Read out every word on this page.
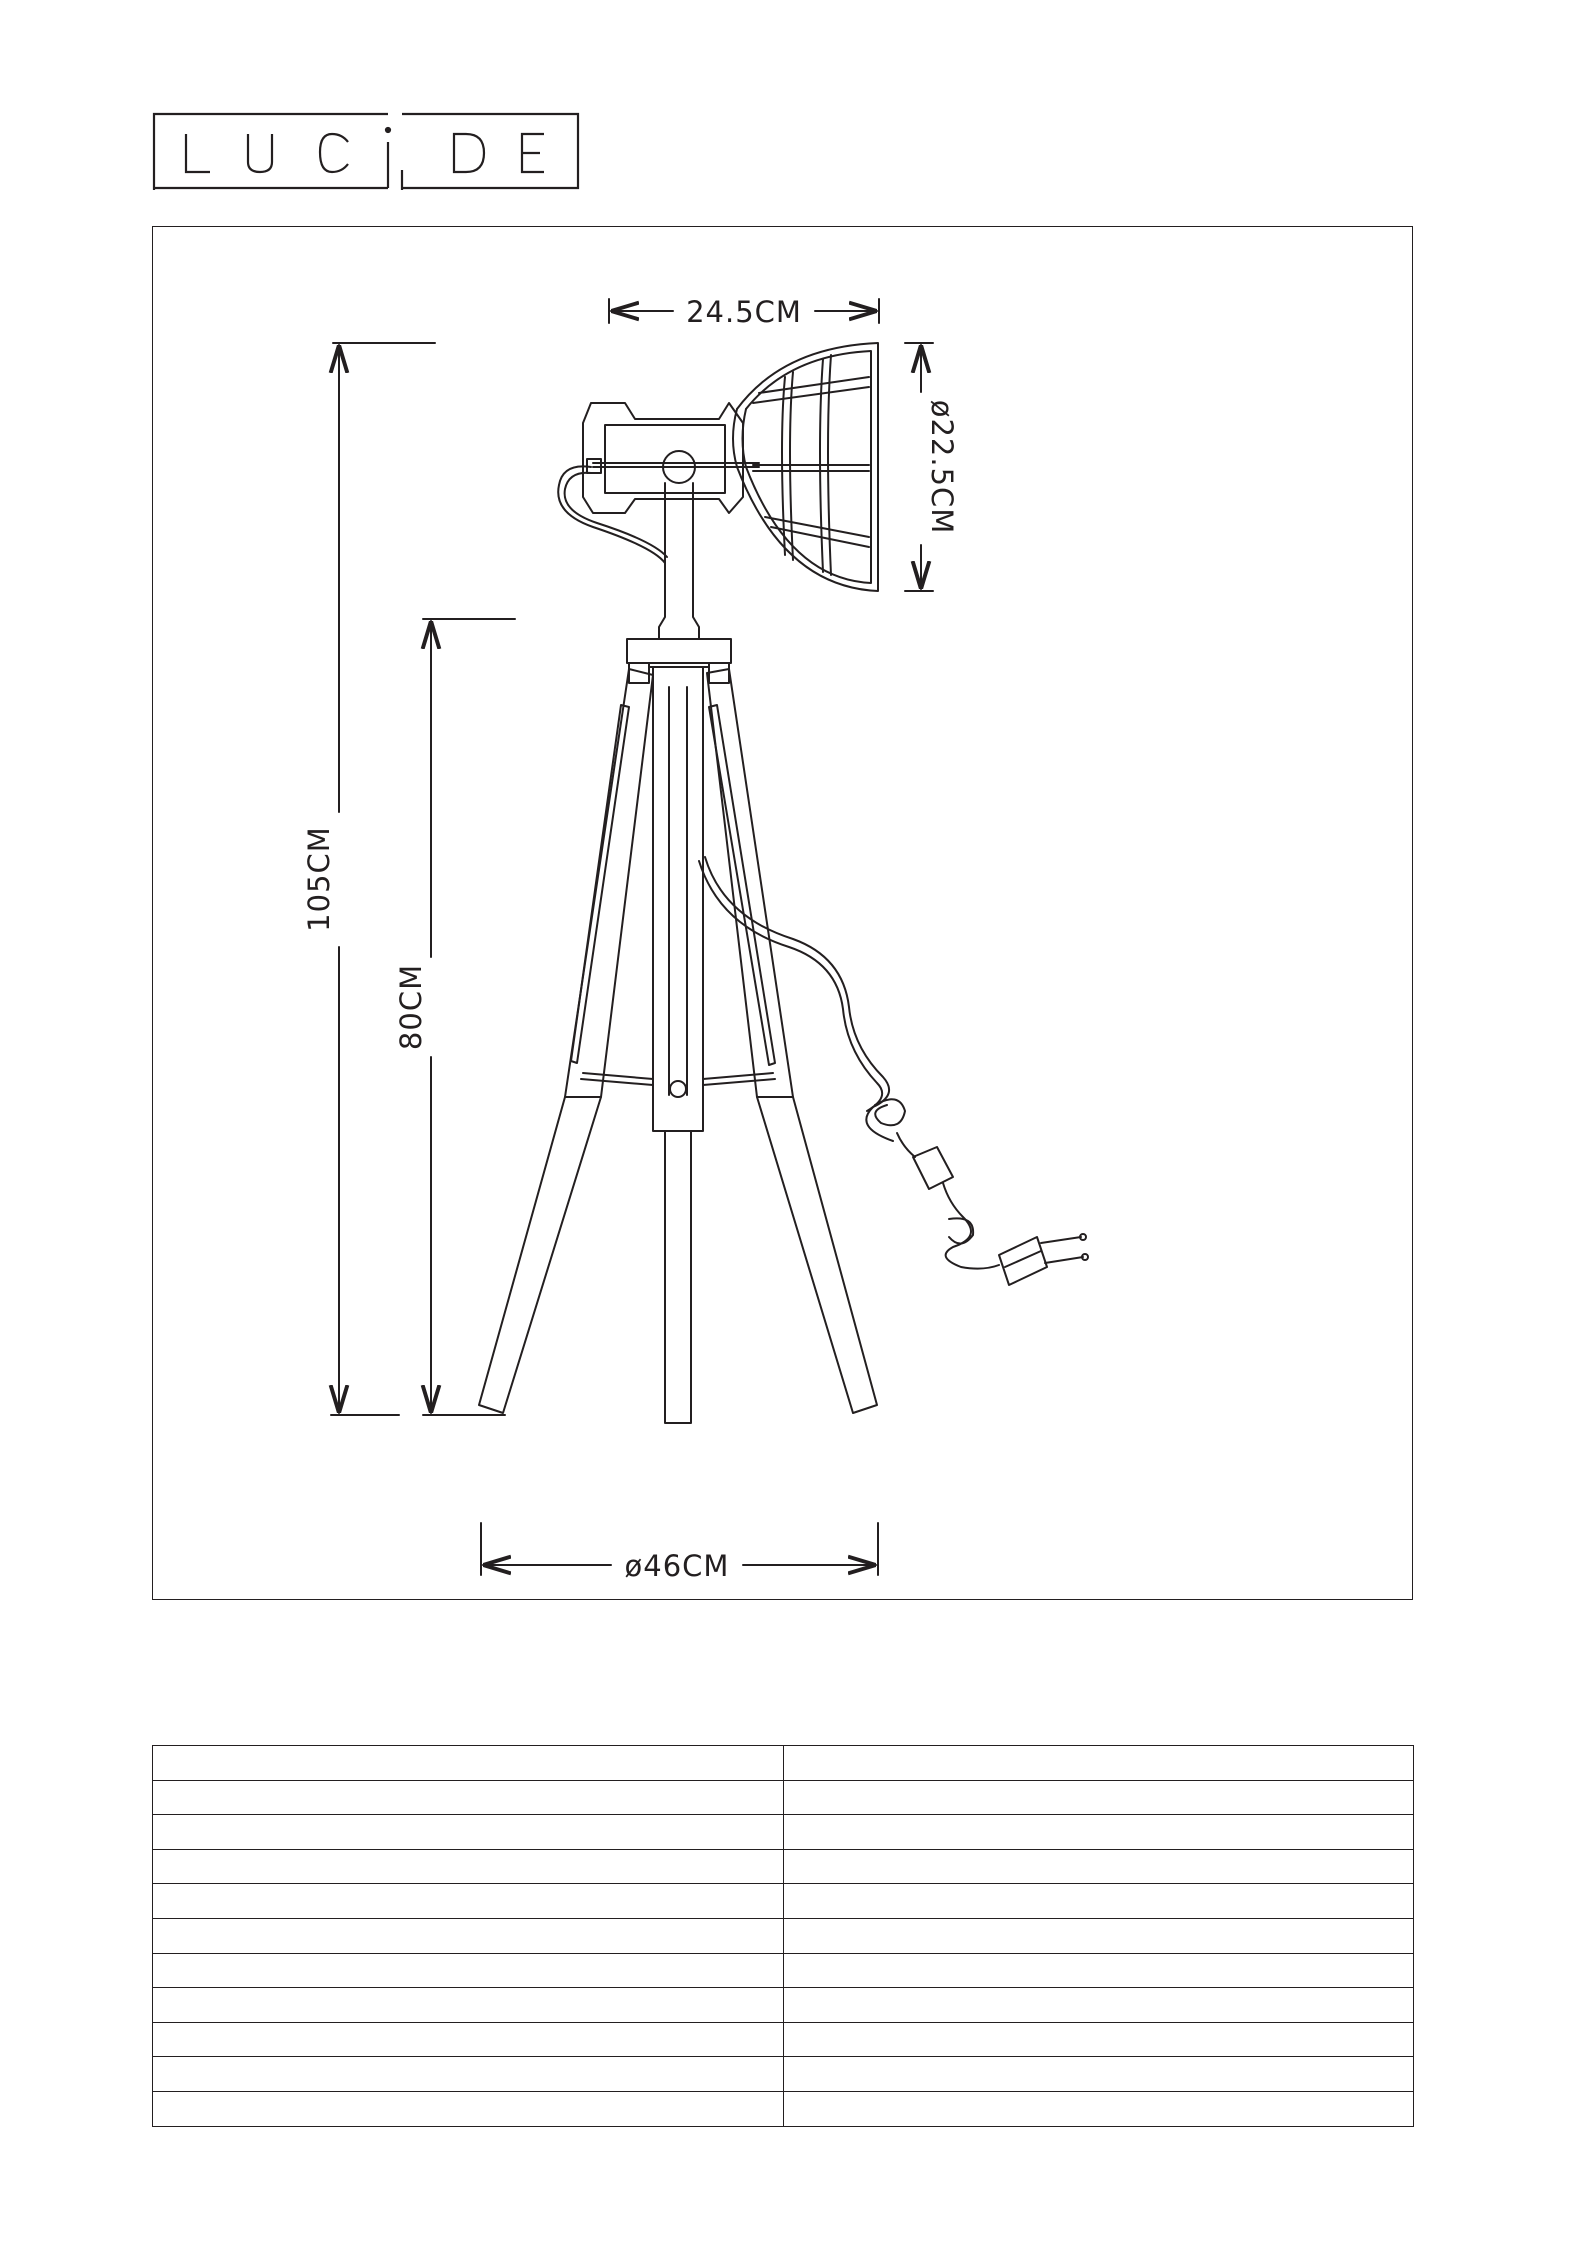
24.5CM
ø22.5CM
105CM
80CM
ø46CM
